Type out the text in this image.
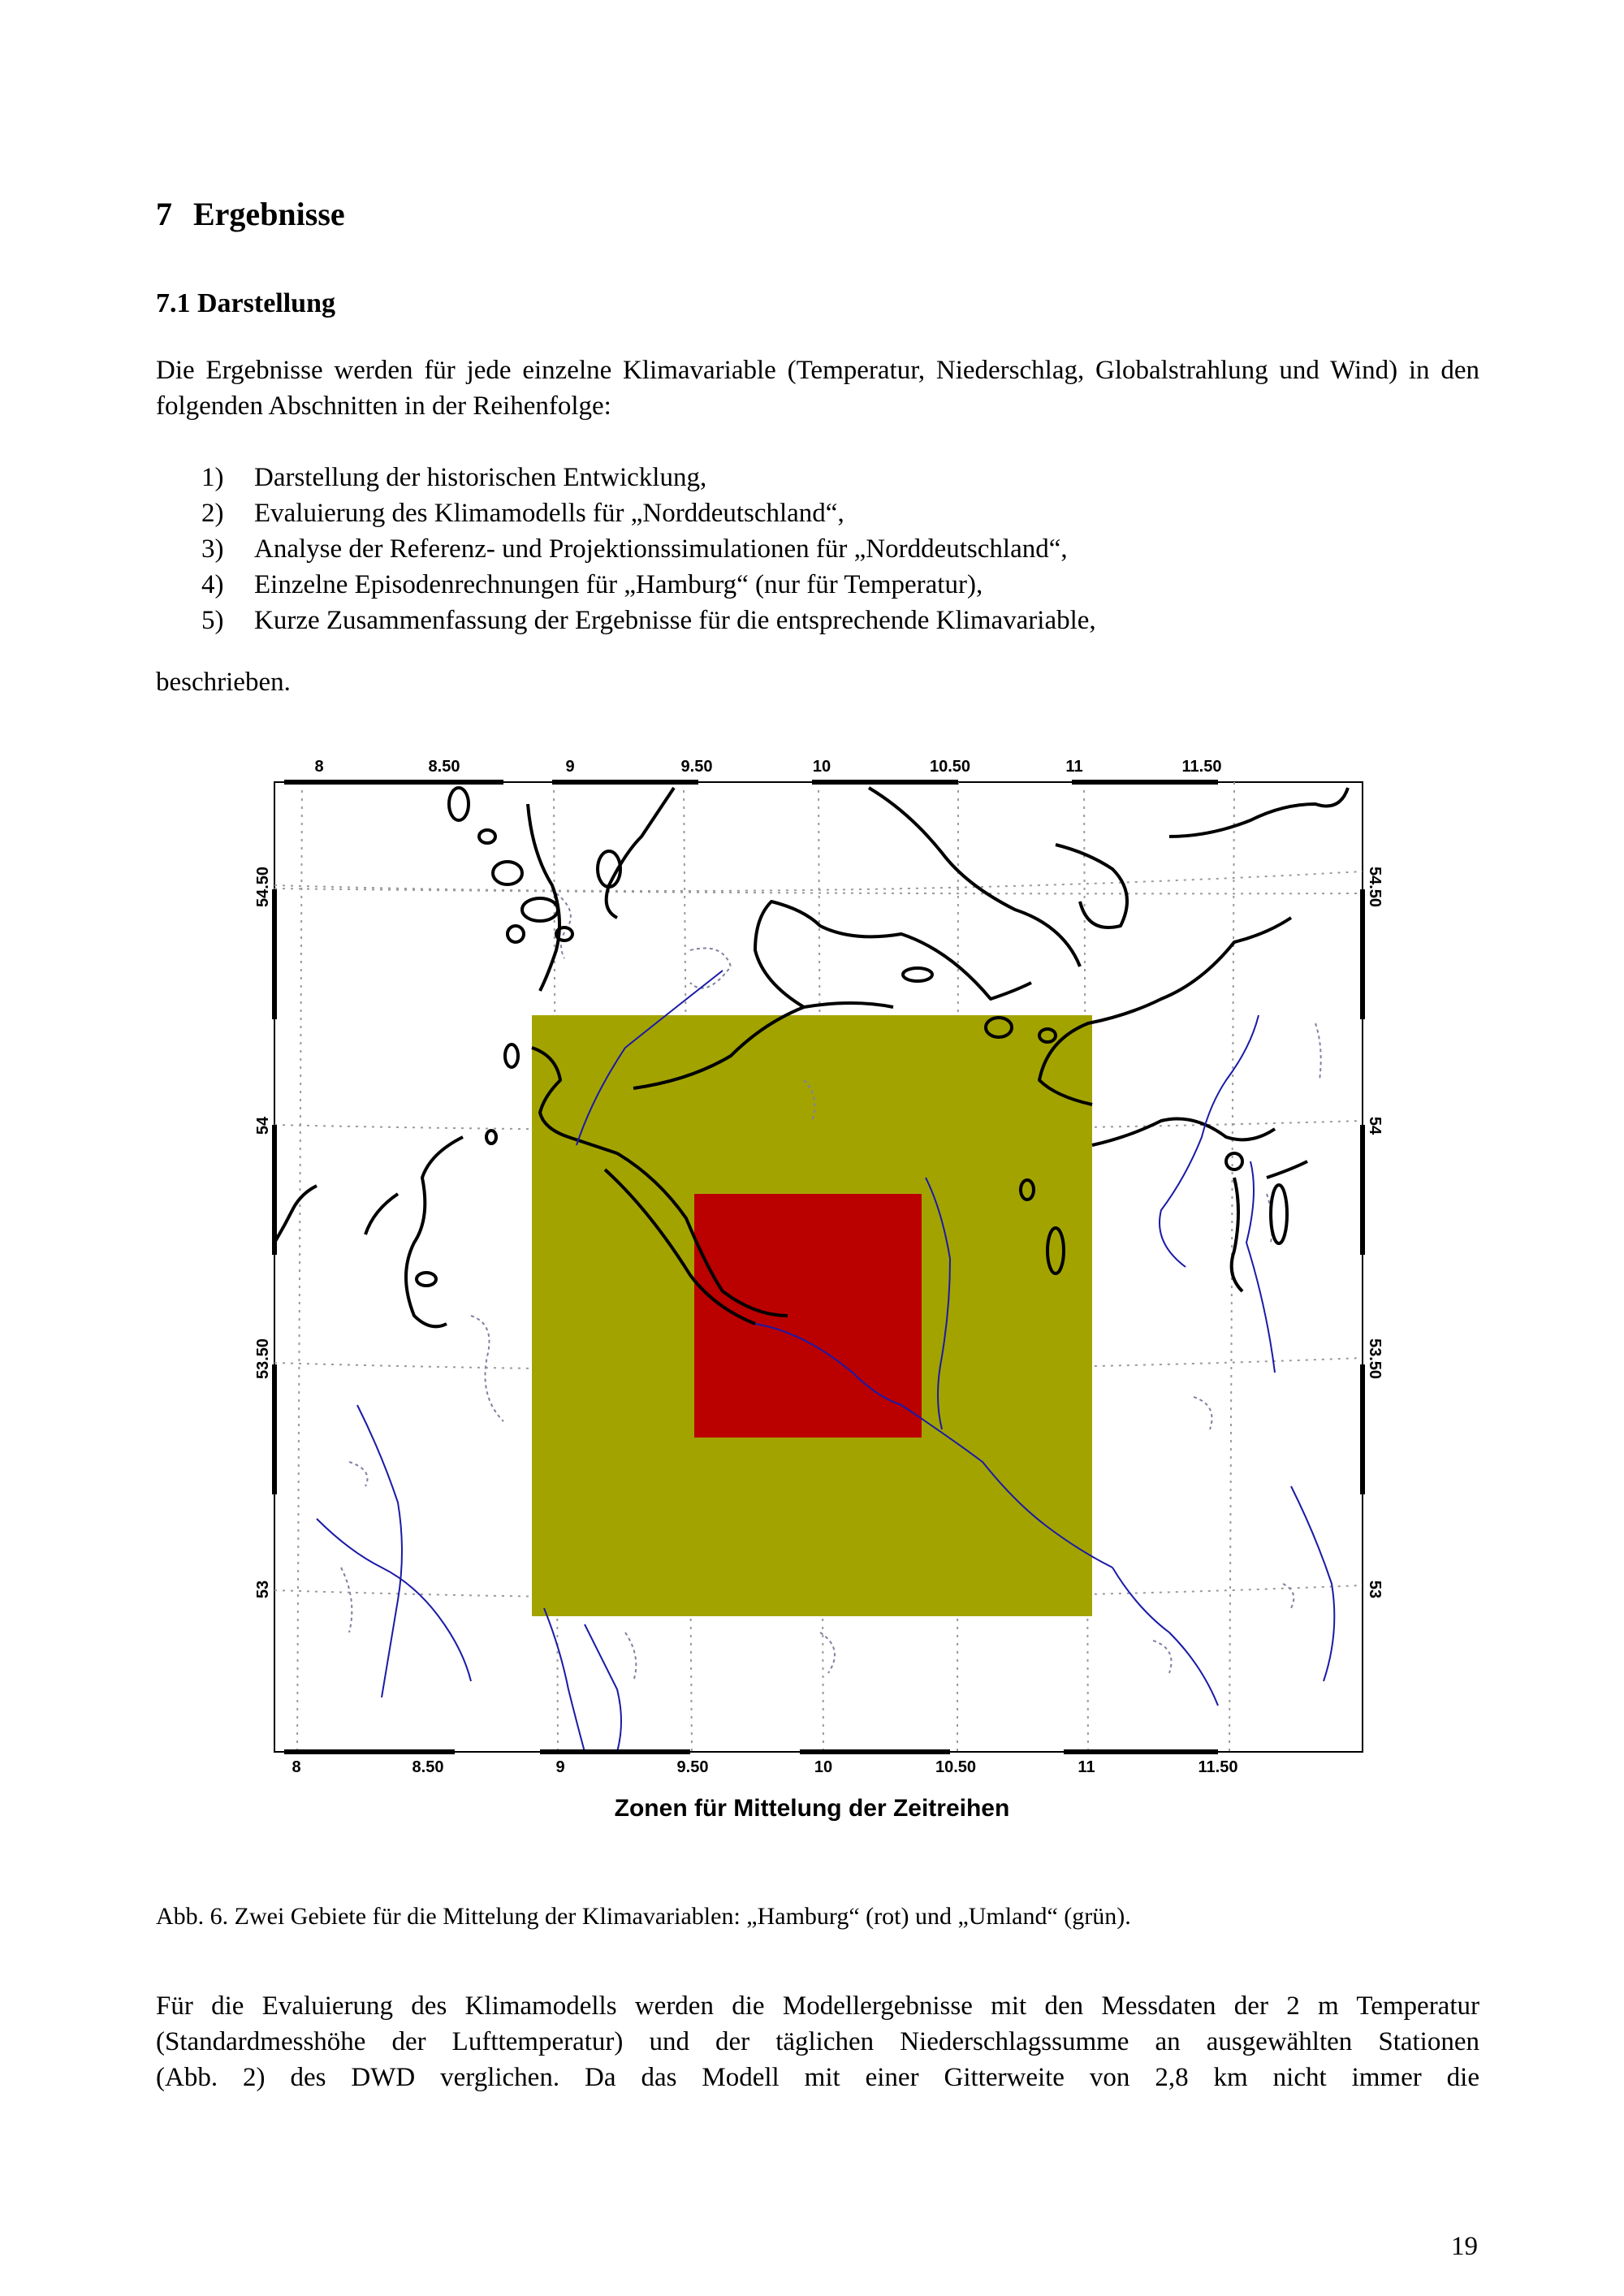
7 Ergebnisse
7.1 Darstellung

Die Ergebnisse werden für jede einzelne Klimavariable (Temperatur, Niederschlag, Globalstrahlung und Wind) in den folgenden Abschnitten in der Reihenfolge:

1)	Darstellung der historischen Entwicklung,
2)	Evaluierung des Klimamodells für „Norddeutschland“,
3)	Analyse der Referenz- und Projektionssimulationen für „Norddeutschland“,
4)	Einzelne Episodenrechnungen für „Hamburg“ (nur für Temperatur),
5)	Kurze Zusammenfassung der Ergebnisse für die entsprechende Klimavariable,

beschrieben.

8	8.50	9	9.50	10	10.50	11	11.50
8	8.50	9	9.50	10	10.50	11	11.50
54.50
54
53.50
53
54.50
54
53.50
53
Zonen für Mittelung der Zeitreihen

Abb. 6. Zwei Gebiete für die Mittelung der Klimavariablen: „Hamburg“ (rot) und „Umland“ (grün).

Für die Evaluierung des Klimamodells werden die Modellergebnisse mit den Messdaten der 2 m Temperatur
(Standardmesshöhe der Lufttemperatur) und der täglichen Niederschlagssumme an ausgewählten Stationen
(Abb. 2) des DWD verglichen. Da das Modell mit einer Gitterweite von 2,8 km nicht immer die

19
